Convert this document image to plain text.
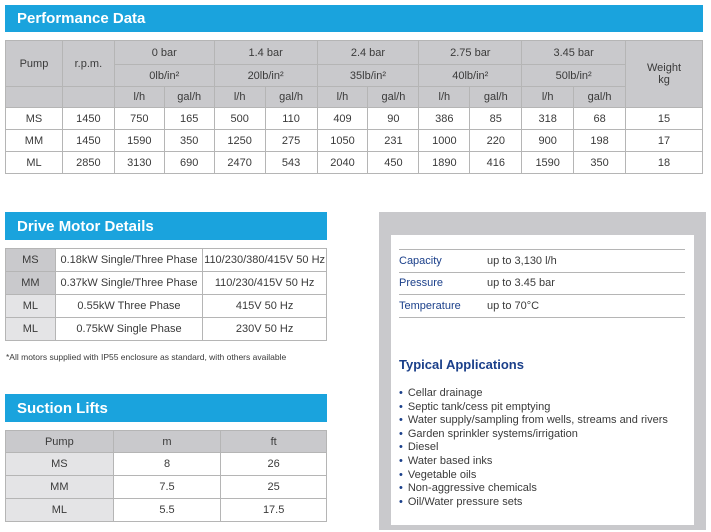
Performance Data
Pump	r.p.m.	0 bar		1.4 bar		2.4 bar		2.75 bar		3.45 bar		Weight
kg
		0lb/in²		20lb/in²		35lb/in²		40lb/in²		50lb/in²		
		l/h	gal/h	l/h	gal/h	l/h	gal/h	l/h	gal/h	l/h	gal/h	
MS	1450	750	165	500	110	409	90	386	85	318	68	15
MM	1450	1590	350	1250	275	1050	231	1000	220	900	198	17
ML	2850	3130	690	2470	543	2040	450	1890	416	1590	350	18
Drive Motor Details
MS	0.18kW Single/Three Phase	110/230/380/415V 50 Hz
MM	0.37kW Single/Three Phase	110/230/415V 50 Hz
ML	0.55kW Three Phase	415V 50 Hz
ML	0.75kW Single Phase	230V 50 Hz
*All motors supplied with IP55 enclosure as standard, with others available
Suction Lifts
Pump	m	ft
MS	8	26
MM	7.5	25
ML	5.5	17.5
Capacity	up to 3,130 l/h
Pressure	up to 3.45 bar
Temperature	up to 70°C
Typical Applications
• Cellar drainage
• Septic tank/cess pit emptying
• Water supply/sampling from wells, streams and rivers
• Garden sprinkler systems/irrigation
• Diesel
• Water based inks
• Vegetable oils
• Non-aggressive chemicals
• Oil/Water pressure sets
